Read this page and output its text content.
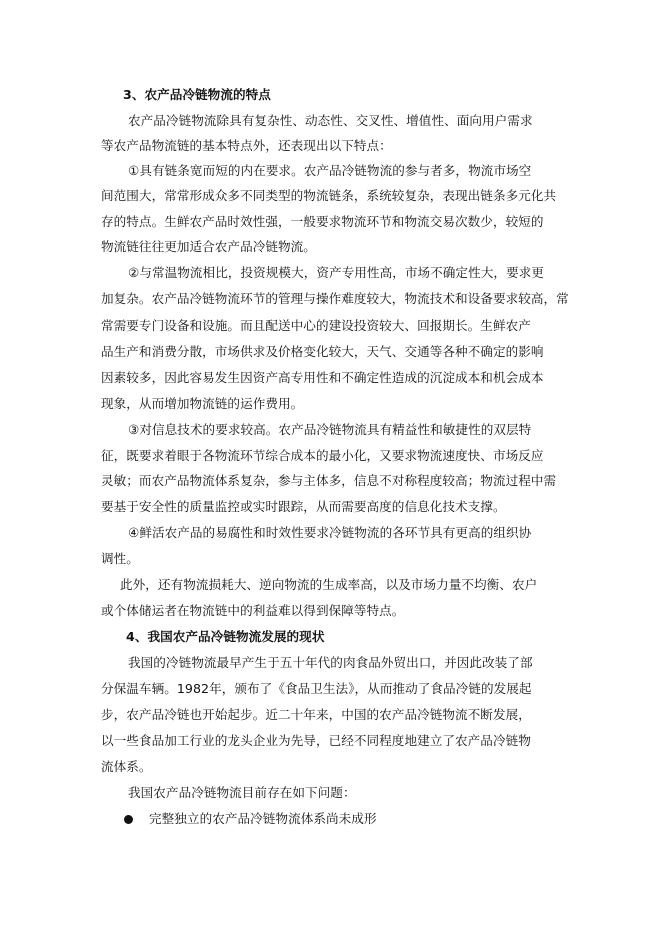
3、农产品冷链物流的特点

农产品冷链物流除具有复杂性、动态性、交叉性、增值性、面向用户需求

等农产品物流链的基本特点外，还表现出以下特点：

①具有链条宽而短的内在要求。农产品冷链物流的参与者多，物流市场空

间范围大，常常形成众多不同类型的物流链条，系统较复杂，表现出链条多元化共

存的特点。生鲜农产品时效性强，一般要求物流环节和物流交易次数少，较短的

物流链往往更加适合农产品冷链物流。

②与常温物流相比，投资规模大，资产专用性高，市场不确定性大，要求更

加复杂。农产品冷链物流环节的管理与操作难度较大，物流技术和设备要求较高，常

常需要专门设备和设施。而且配送中心的建设投资较大、回报期长。生鲜农产

品生产和消费分散，市场供求及价格变化较大，天气、交通等各种不确定的影响

因素较多，因此容易发生因资产高专用性和不确定性造成的沉淀成本和机会成本

现象，从而增加物流链的运作费用。

③对信息技术的要求较高。农产品冷链物流具有精益性和敏捷性的双层特

征，既要求着眼于各物流环节综合成本的最小化，又要求物流速度快、市场反应

灵敏；而农产品物流体系复杂，参与主体多，信息不对称程度较高；物流过程中需

要基于安全性的质量监控或实时跟踪，从而需要高度的信息化技术支撑。

④鲜活农产品的易腐性和时效性要求冷链物流的各环节具有更高的组织协

调性。

此外，还有物流损耗大、逆向物流的生成率高，以及市场力量不均衡、农户

或个体储运者在物流链中的利益难以得到保障等特点。

4、我国农产品冷链物流发展的现状

我国的冷链物流最早产生于五十年代的肉食品外贸出口，并因此改装了部

分保温车辆。1982年，颁布了《食品卫生法》，从而推动了食品冷链的发展起

步，农产品冷链也开始起步。近二十年来，中国的农产品冷链物流不断发展，

以一些食品加工行业的龙头企业为先导，已经不同程度地建立了农产品冷链物

流体系。

我国农产品冷链物流目前存在如下问题：

完整独立的农产品冷链物流体系尚未成形
